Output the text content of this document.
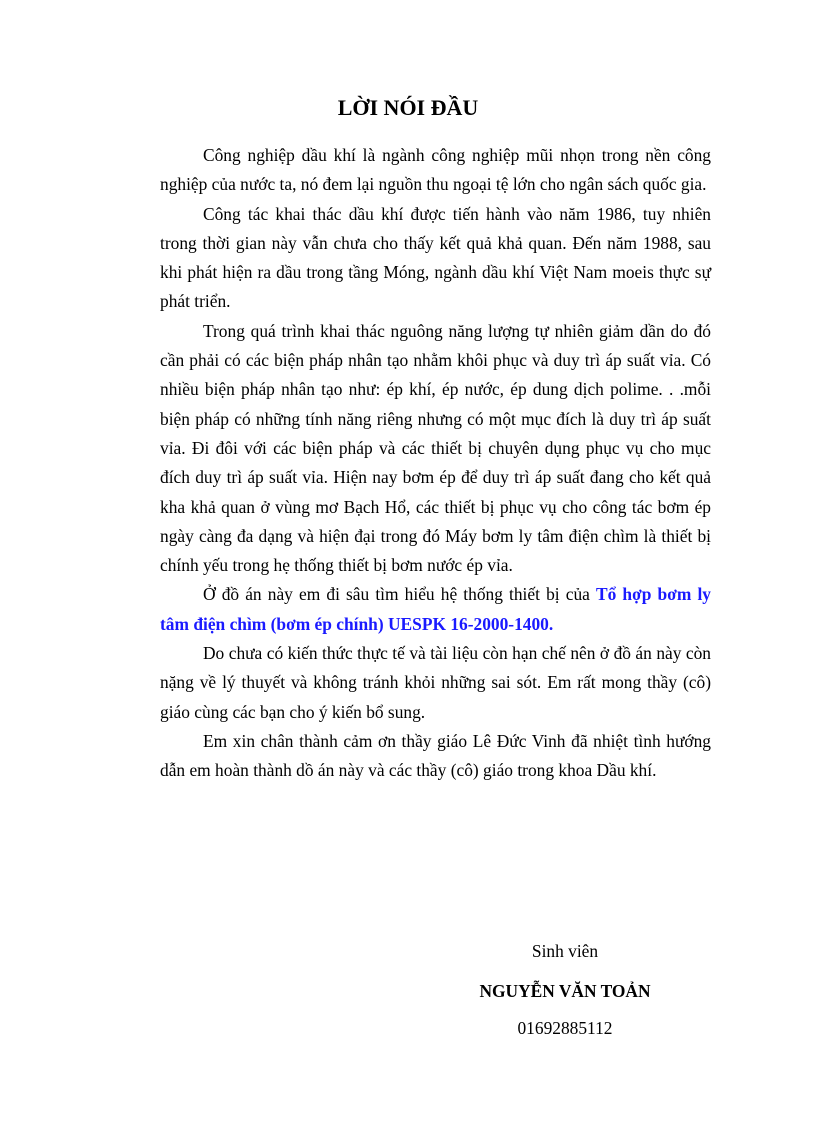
LỜI NÓI ĐẦU

Công nghiệp dầu khí là ngành công nghiệp mũi nhọn trong nền công nghiệp của nước ta, nó đem lại nguồn thu ngoại tệ lớn cho ngân sách quốc gia.

Công tác khai thác dầu khí được tiến hành vào năm 1986, tuy nhiên trong thời gian này vẫn chưa cho thấy kết quả khả quan. Đến năm 1988, sau khi phát hiện ra dầu trong tầng Móng, ngành dầu khí Việt Nam moeis thực sự phát triển.

Trong quá trình khai thác nguông năng lượng tự nhiên giảm dần do đó cần phải có các biện pháp nhân tạo nhằm khôi phục và duy trì áp suất vỉa. Có nhiều biện pháp nhân tạo như: ép khí, ép nước, ép dung dịch polime. . .mỗi biện pháp có những tính năng riêng nhưng có một mục đích là duy trì áp suất vỉa. Đi đôi với các biện pháp và các thiết bị chuyên dụng phục vụ cho mục đích duy trì áp suất vỉa. Hiện nay bơm ép để duy trì áp suất đang cho kết quả kha khả quan ở vùng mơ Bạch Hổ, các thiết bị phục vụ cho công tác bơm ép ngày càng đa dạng và hiện đại trong đó Máy bơm ly tâm điện chìm là thiết bị chính yếu trong hẹ thống thiết bị bơm nước ép vỉa.

Ở đồ án này em đi sâu tìm hiểu hệ thống thiết bị của Tổ hợp bơm ly tâm điện chìm (bơm ép chính) UESPK 16-2000-1400.

Do chưa có kiến thức thực tế và tài liệu còn hạn chế nên ở đồ án này còn nặng về lý thuyết và không tránh khỏi những sai sót. Em rất mong thầy (cô) giáo cùng các bạn cho ý kiến bổ sung.

Em xin chân thành cảm ơn thầy giáo Lê Đức Vinh đã nhiệt tình hướng dẫn em hoàn thành dồ án này và các thầy (cô) giáo trong khoa Dầu khí.

Sinh viên

NGUYỄN VĂN TOẢN

01692885112
